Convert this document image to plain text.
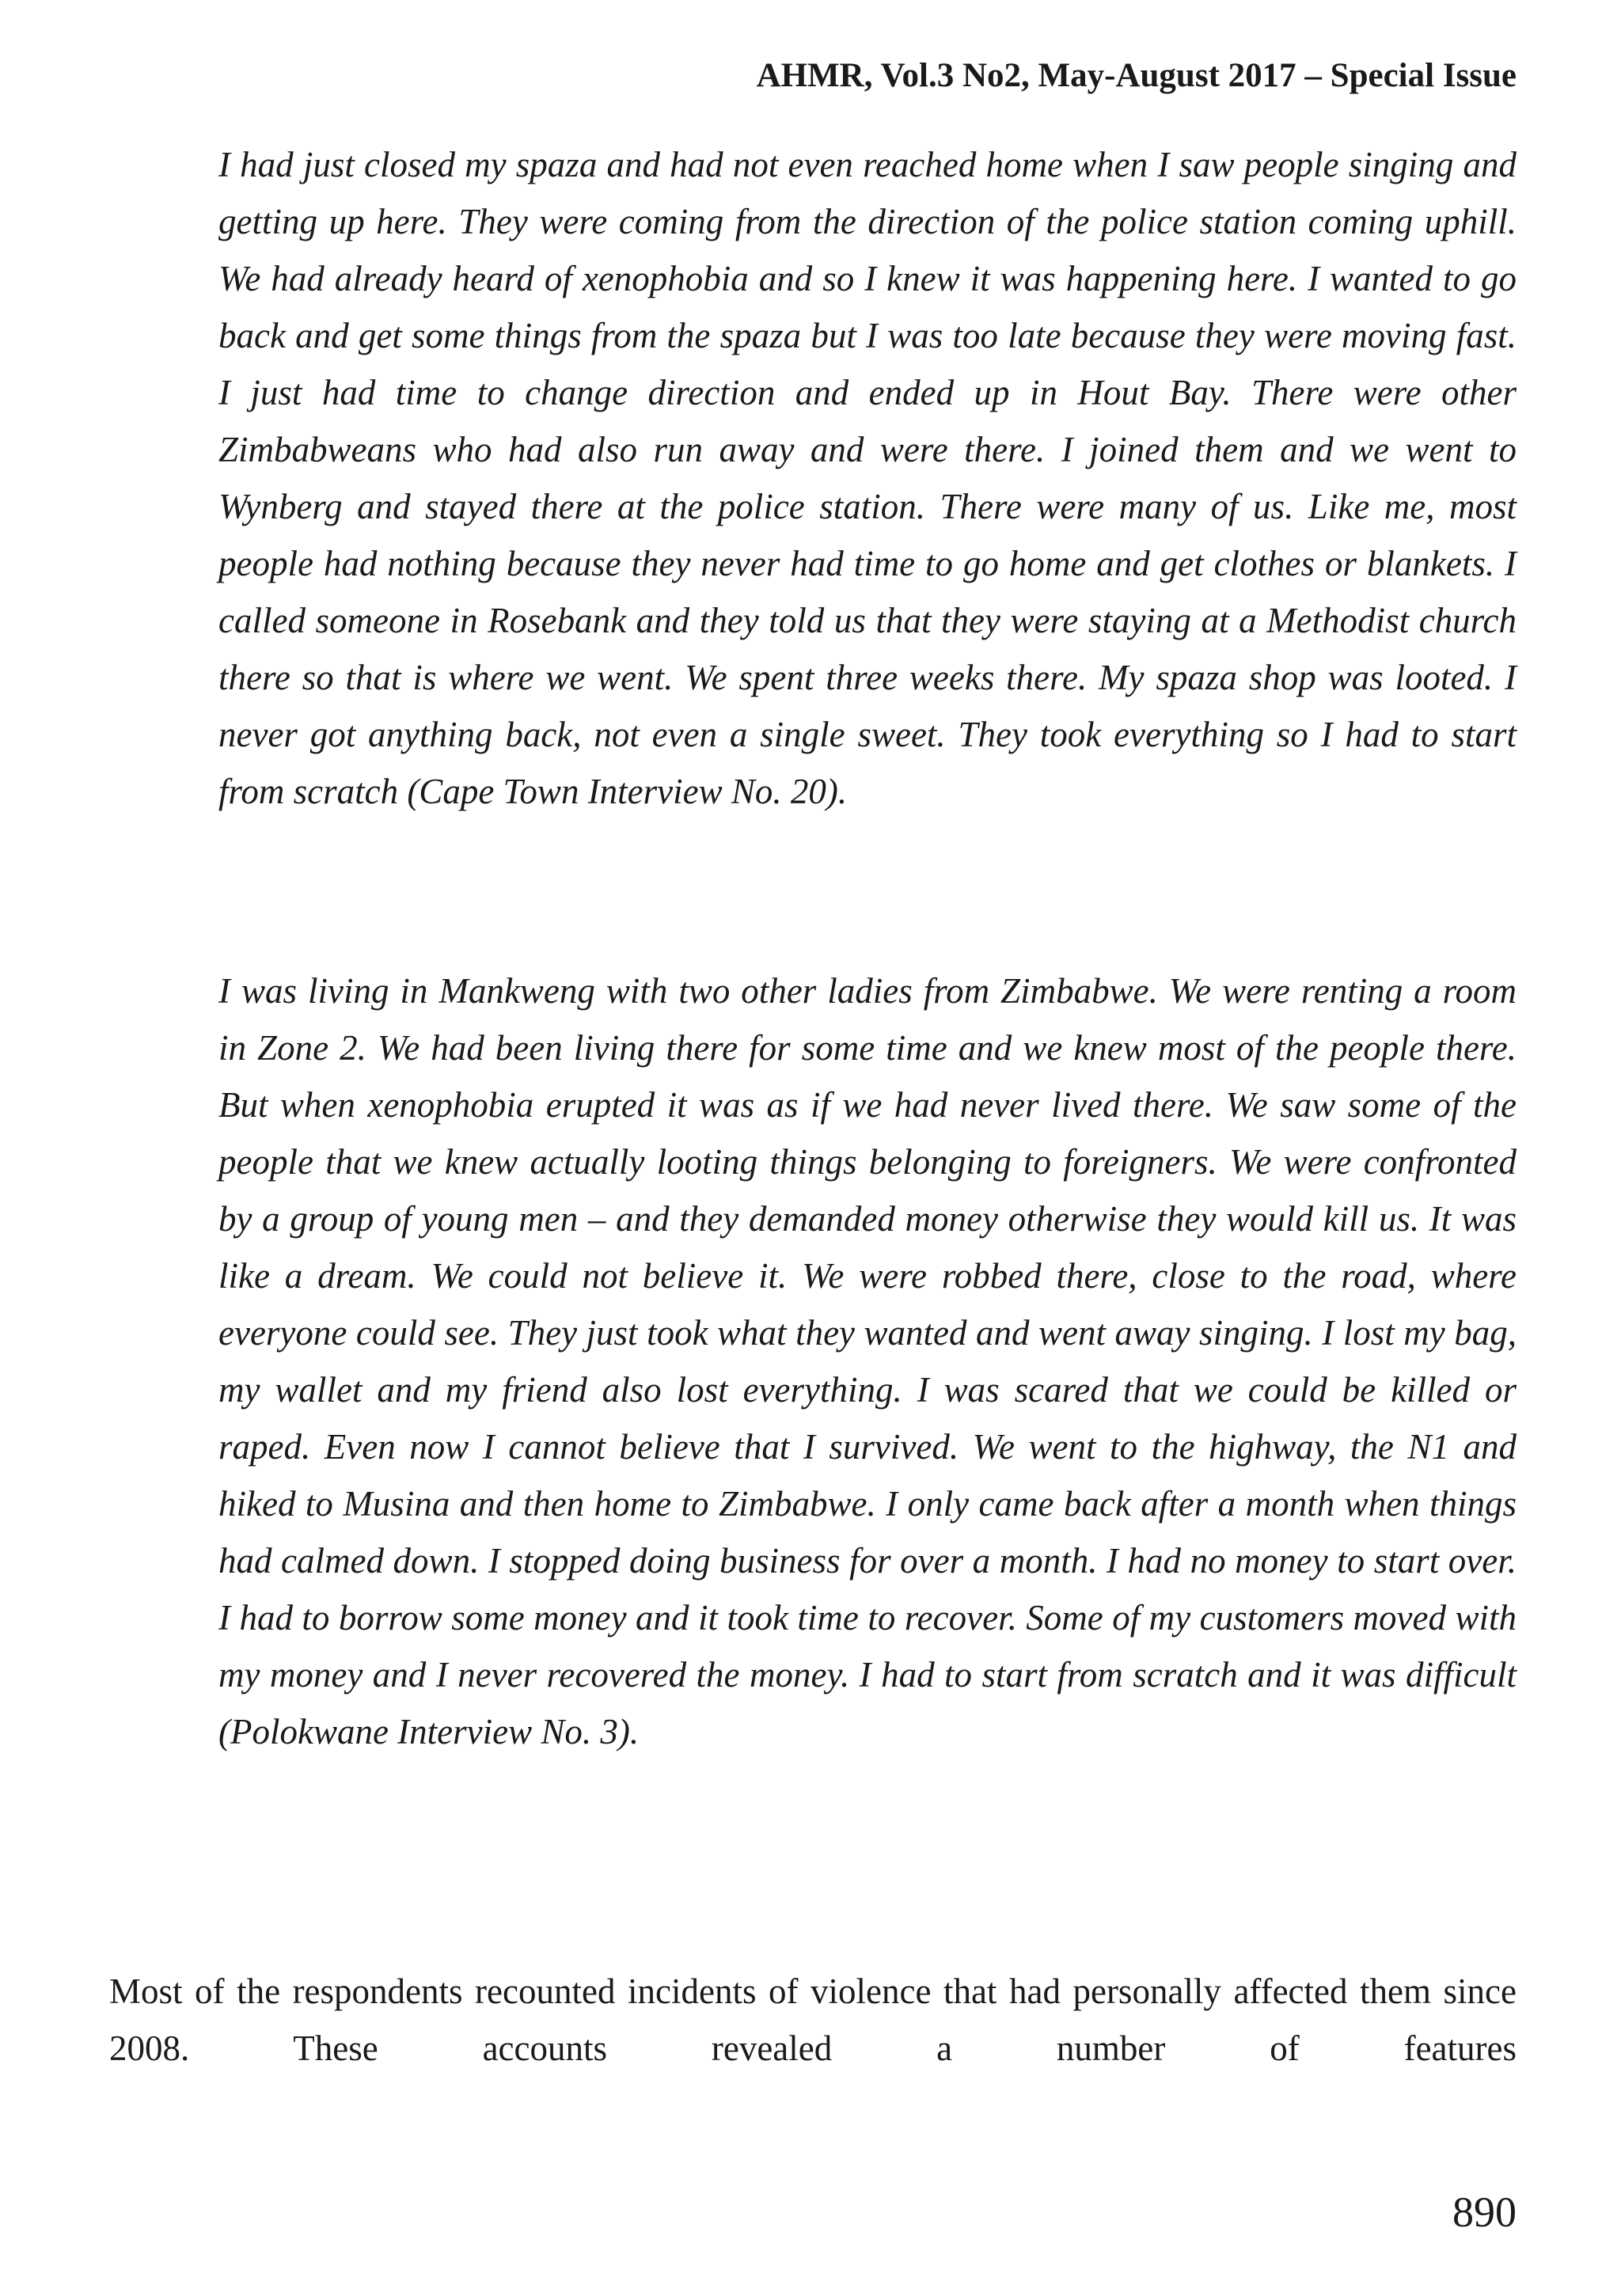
AHMR, Vol.3 No2, May-August 2017 – Special Issue

I had just closed my spaza and had not even reached home when I saw people singing and getting up here. They were coming from the direction of the police station coming uphill. We had already heard of xenophobia and so I knew it was happening here. I wanted to go back and get some things from the spaza but I was too late because they were moving fast. I just had time to change direction and ended up in Hout Bay. There were other Zimbabweans who had also run away and were there. I joined them and we went to Wynberg and stayed there at the police station. There were many of us. Like me, most people had nothing because they never had time to go home and get clothes or blankets. I called someone in Rosebank and they told us that they were staying at a Methodist church there so that is where we went. We spent three weeks there. My spaza shop was looted. I never got anything back, not even a single sweet. They took everything so I had to start from scratch (Cape Town Interview No. 20).

I was living in Mankweng with two other ladies from Zimbabwe. We were renting a room in Zone 2. We had been living there for some time and we knew most of the people there. But when xenophobia erupted it was as if we had never lived there. We saw some of the people that we knew actually looting things belonging to foreigners. We were confronted by a group of young men – and they demanded money otherwise they would kill us. It was like a dream. We could not believe it. We were robbed there, close to the road, where everyone could see. They just took what they wanted and went away singing. I lost my bag, my wallet and my friend also lost everything. I was scared that we could be killed or raped. Even now I cannot believe that I survived. We went to the highway, the N1 and hiked to Musina and then home to Zimbabwe. I only came back after a month when things had calmed down. I stopped doing business for over a month. I had no money to start over. I had to borrow some money and it took time to recover. Some of my customers moved with my money and I never recovered the money. I had to start from scratch and it was difficult (Polokwane Interview No. 3).

Most of the respondents recounted incidents of violence that had personally affected them since 2008. These accounts revealed a number of features

890
